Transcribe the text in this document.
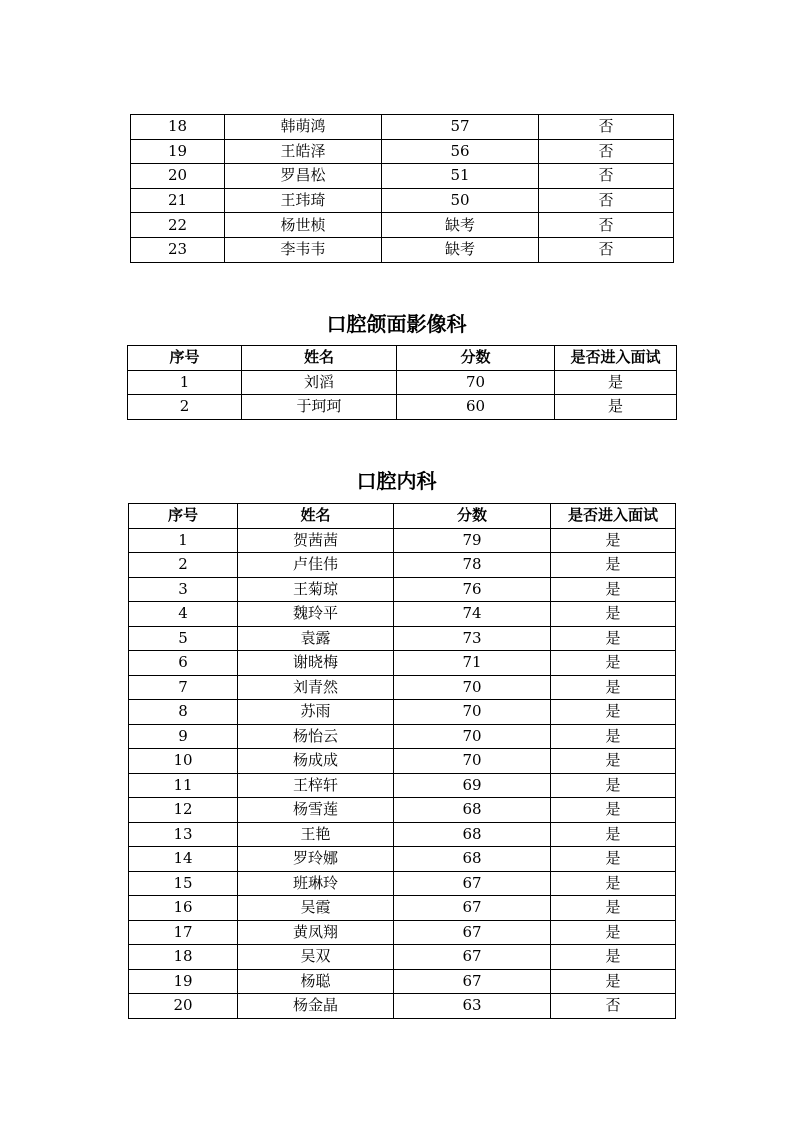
18	韩萌鸿	57	否
19	王皓泽	56	否
20	罗昌松	51	否
21	王玮琦	50	否
22	杨世桢	缺考	否
23	李韦韦	缺考	否
口腔颌面影像科
序号	姓名	分数	是否进入面试
1	刘滔	70	是
2	于珂珂	60	是
口腔内科
序号	姓名	分数	是否进入面试
1	贺茜茜	79	是
2	卢佳伟	78	是
3	王菊琼	76	是
4	魏玲平	74	是
5	袁露	73	是
6	谢晓梅	71	是
7	刘青然	70	是
8	苏雨	70	是
9	杨怡云	70	是
10	杨成成	70	是
11	王梓轩	69	是
12	杨雪莲	68	是
13	王艳	68	是
14	罗玲娜	68	是
15	班琳玲	67	是
16	吴霞	67	是
17	黄凤翔	67	是
18	吴双	67	是
19	杨聪	67	是
20	杨金晶	63	否
